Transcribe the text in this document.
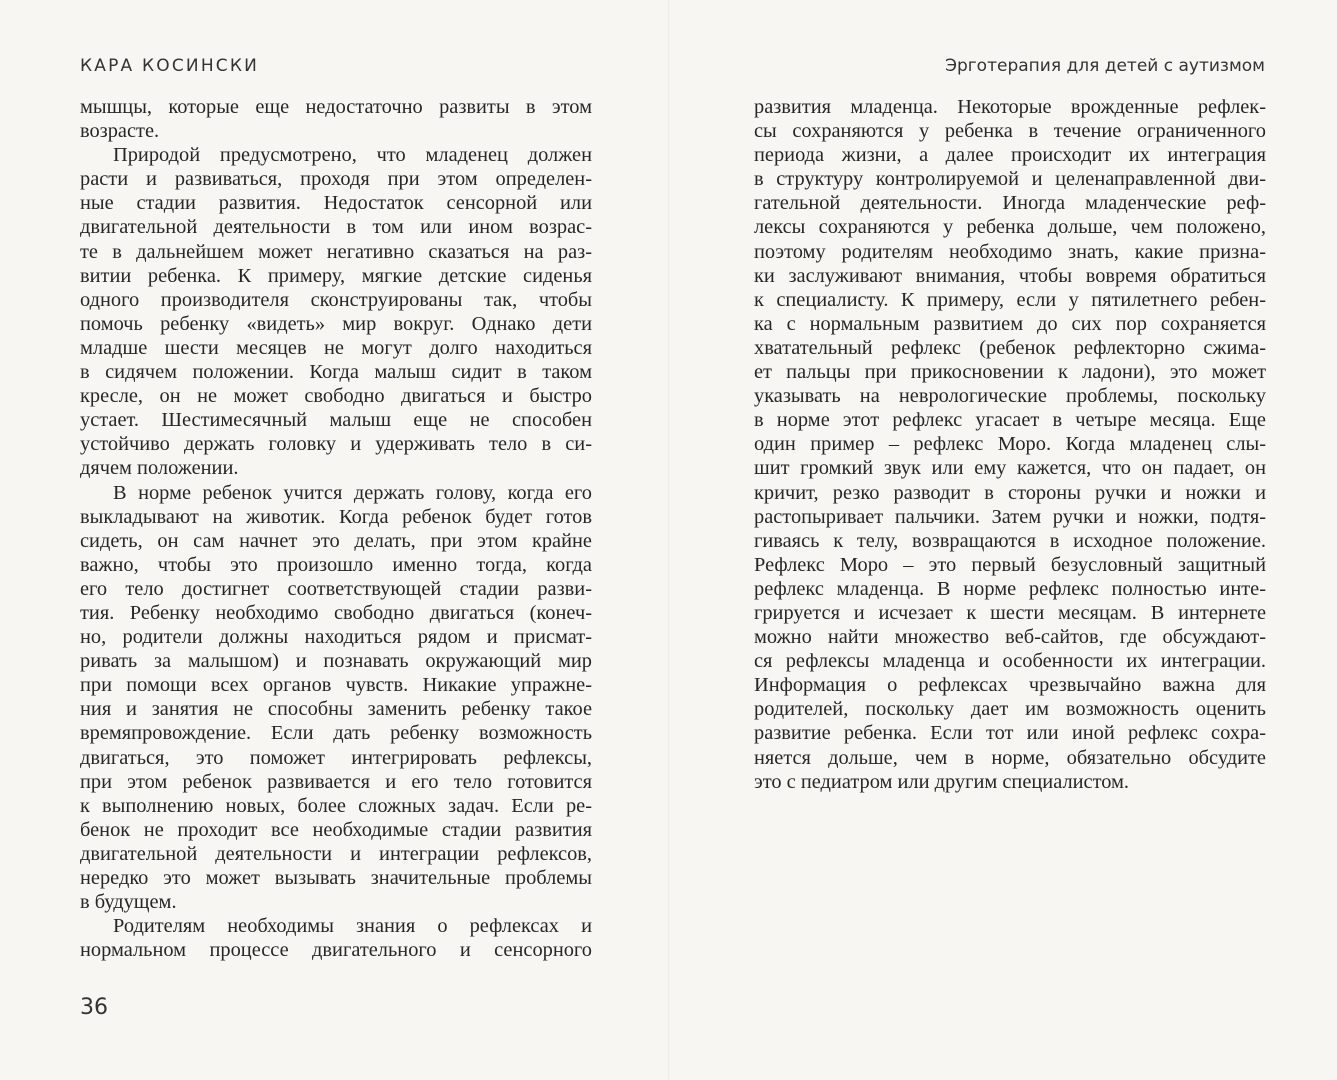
КАРА КОСИНСКИ	Эрготерапия для детей с аутизмом
мышцы, которые еще недостаточно развиты в этом
возрасте.
Природой предусмотрено, что младенец должен
расти и развиваться, проходя при этом определен-
ные стадии развития. Недостаток сенсорной или
двигательной деятельности в том или ином возрас-
те в дальнейшем может негативно сказаться на раз-
витии ребенка. К примеру, мягкие детские сиденья
одного производителя сконструированы так, чтобы
помочь ребенку «видеть» мир вокруг. Однако дети
младше шести месяцев не могут долго находиться
в сидячем положении. Когда малыш сидит в таком
кресле, он не может свободно двигаться и быстро
устает. Шестимесячный малыш еще не способен
устойчиво держать головку и удерживать тело в си-
дячем положении.
В норме ребенок учится держать голову, когда его
выкладывают на животик. Когда ребенок будет готов
сидеть, он сам начнет это делать, при этом крайне
важно, чтобы это произошло именно тогда, когда
его тело достигнет соответствующей стадии разви-
тия. Ребенку необходимо свободно двигаться (конеч-
но, родители должны находиться рядом и присмат-
ривать за малышом) и познавать окружающий мир
при помощи всех органов чувств. Никакие упражне-
ния и занятия не способны заменить ребенку такое
времяпровождение. Если дать ребенку возможность
двигаться, это поможет интегрировать рефлексы,
при этом ребенок развивается и его тело готовится
к выполнению новых, более сложных задач. Если ре-
бенок не проходит все необходимые стадии развития
двигательной деятельности и интеграции рефлексов,
нередко это может вызывать значительные проблемы
в будущем.
Родителям необходимы знания о рефлексах и
нормальном процессе двигательного и сенсорного
развития младенца. Некоторые врожденные рефлек-
сы сохраняются у ребенка в течение ограниченного
периода жизни, а далее происходит их интеграция
в структуру контролируемой и целенаправленной дви-
гательной деятельности. Иногда младенческие реф-
лексы сохраняются у ребенка дольше, чем положено,
поэтому родителям необходимо знать, какие призна-
ки заслуживают внимания, чтобы вовремя обратиться
к специалисту. К примеру, если у пятилетнего ребен-
ка с нормальным развитием до сих пор сохраняется
хватательный рефлекс (ребенок рефлекторно сжима-
ет пальцы при прикосновении к ладони), это может
указывать на неврологические проблемы, поскольку
в норме этот рефлекс угасает в четыре месяца. Еще
один пример – рефлекс Моро. Когда младенец слы-
шит громкий звук или ему кажется, что он падает, он
кричит, резко разводит в стороны ручки и ножки и
растопыривает пальчики. Затем ручки и ножки, подтя-
гиваясь к телу, возвращаются в исходное положение.
Рефлекс Моро – это первый безусловный защитный
рефлекс младенца. В норме рефлекс полностью инте-
грируется и исчезает к шести месяцам. В интернете
можно найти множество веб-сайтов, где обсуждают-
ся рефлексы младенца и особенности их интеграции.
Информация о рефлексах чрезвычайно важна для
родителей, поскольку дает им возможность оценить
развитие ребенка. Если тот или иной рефлекс сохра-
няется дольше, чем в норме, обязательно обсудите
это с педиатром или другим специалистом.
36
